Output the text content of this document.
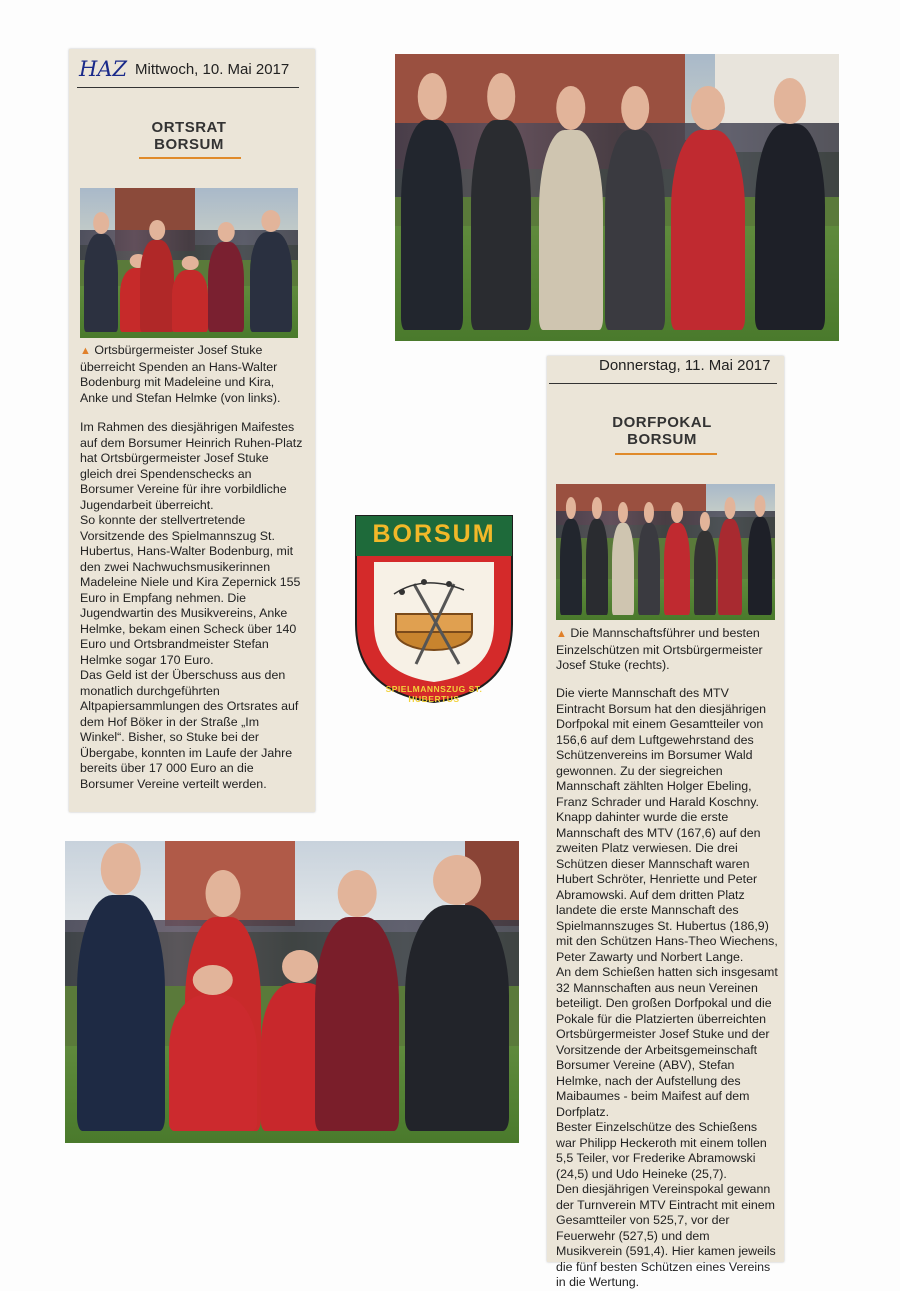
HAZ Mittwoch, 10. Mai 2017
ORTSRAT
BORSUM
▲ Ortsbürgermeister Josef Stuke überreicht Spenden an Hans-Walter Bodenburg mit Madeleine und Kira, Anke und Stefan Helmke (von links).

Im Rahmen des diesjährigen Maifestes auf dem Borsumer Heinrich Ruhen-Platz hat Ortsbürgermeister Josef Stuke gleich drei Spendenschecks an Borsumer Vereine für ihre vorbildliche Jugendarbeit überreicht.

So konnte der stellvertretende Vorsitzende des Spielmannszug St. Hubertus, Hans-Walter Bodenburg, mit den zwei Nachwuchsmusikerinnen Madeleine Niele und Kira Zepernick 155 Euro in Empfang nehmen. Die Jugendwartin des Musikvereins, Anke Helmke, bekam einen Scheck über 140 Euro und Ortsbrandmeister Stefan Helmke sogar 170 Euro.

Das Geld ist der Überschuss aus den monatlich durchgeführten Altpapiersammlungen des Ortsrates auf dem Hof Böker in der Straße „Im Winkel“. Bisher, so Stuke bei der Übergabe, konnten im Laufe der Jahre bereits über 17 000 Euro an die Borsumer Vereine verteilt werden.

BORSUM
SPIELMANNSZUG ST. HUBERTUS
Donnerstag, 11. Mai 2017
DORFPOKAL
BORSUM
▲ Die Mannschaftsführer und besten Einzelschützen mit Ortsbürgermeister Josef Stuke (rechts).

Die vierte Mannschaft des MTV Eintracht Borsum hat den diesjährigen Dorfpokal mit einem Gesamtteiler von 156,6 auf dem Luftgewehrstand des Schützenvereins im Borsumer Wald gewonnen. Zu der siegreichen Mannschaft zählten Holger Ebeling, Franz Schrader und Harald Koschny. Knapp dahinter wurde die erste Mannschaft des MTV (167,6) auf den zweiten Platz verwiesen. Die drei Schützen dieser Mannschaft waren Hubert Schröter, Henriette und Peter Abramowski. Auf dem dritten Platz landete die erste Mannschaft des Spielmannszuges St. Hubertus (186,9) mit den Schützen Hans-Theo Wiechens, Peter Zawarty und Norbert Lange.

An dem Schießen hatten sich insgesamt 32 Mannschaften aus neun Vereinen beteiligt. Den großen Dorfpokal und die Pokale für die Platzierten überreichten Ortsbürgermeister Josef Stuke und der Vorsitzende der Arbeitsgemeinschaft Borsumer Vereine (ABV), Stefan Helmke, nach der Aufstellung des Maibaumes - beim Maifest auf dem Dorfplatz.

Bester Einzelschütze des Schießens war Philipp Heckeroth mit einem tollen 5,5 Teiler, vor Frederike Abramowski (24,5) und Udo Heineke (25,7).

Den diesjährigen Vereinspokal gewann der Turnverein MTV Eintracht mit einem Gesamtteiler von 525,7, vor der Feuerwehr (527,5) und dem Musikverein (591,4). Hier kamen jeweils die fünf besten Schützen eines Vereins in die Wertung.
